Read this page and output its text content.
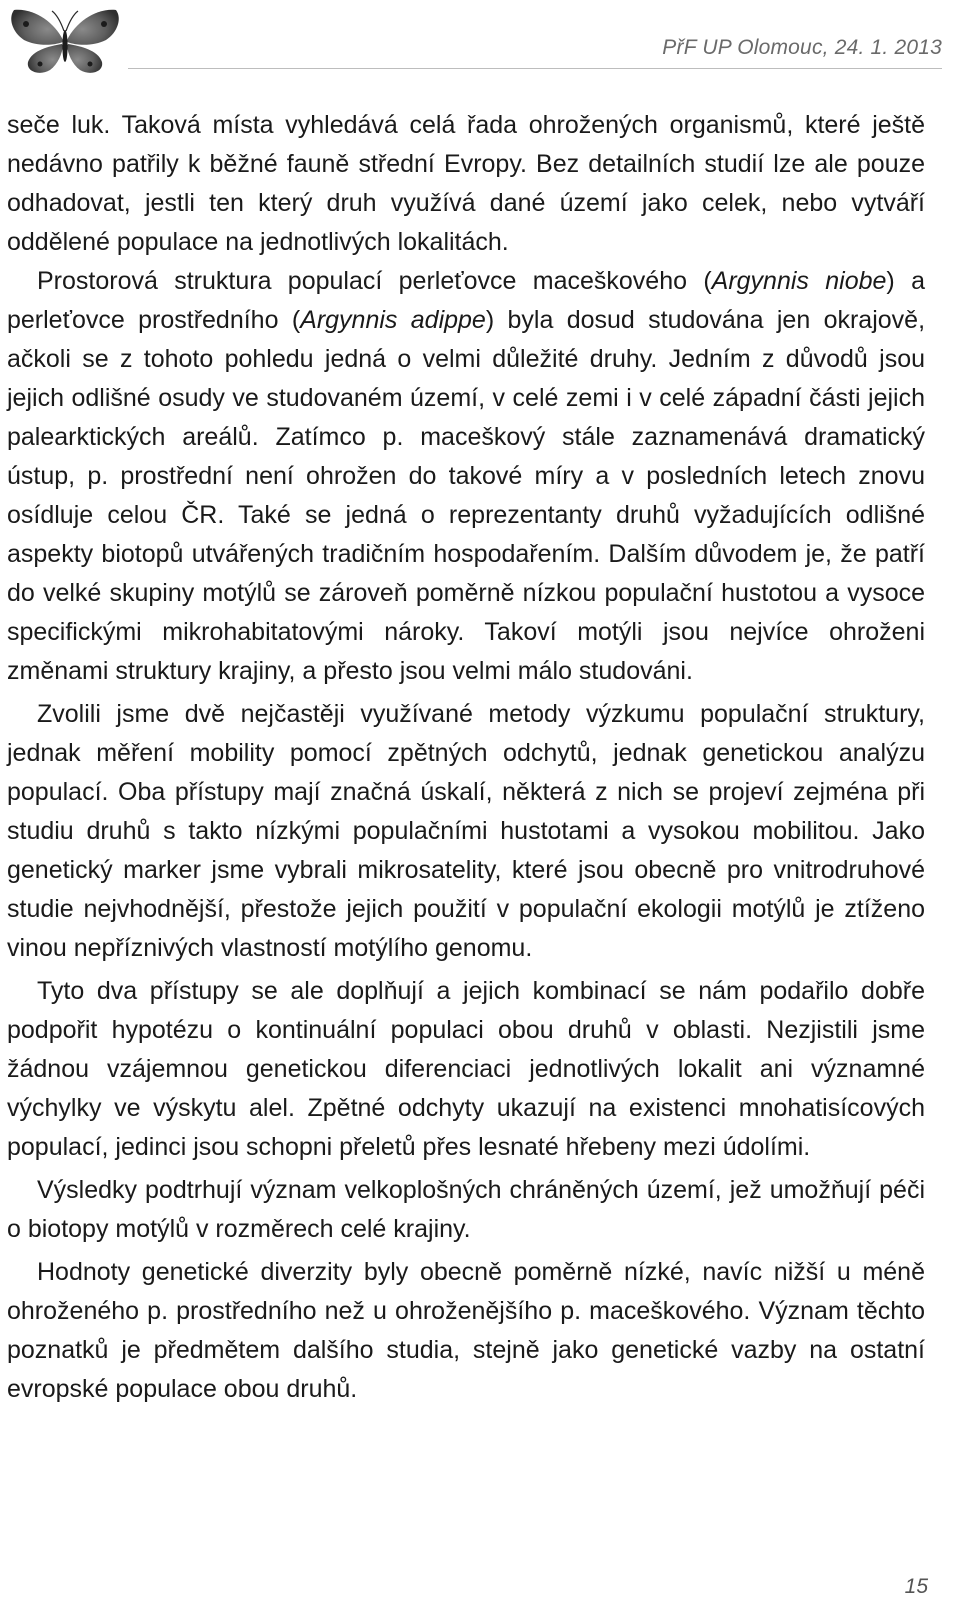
PřF UP Olomouc, 24. 1. 2013

seče luk. Taková místa vyhledává celá řada ohrožených organismů, které ještě nedávno patřily k běžné fauně střední Evropy. Bez detailních studií lze ale pouze odhadovat, jestli ten který druh využívá dané území jako celek, nebo vytváří oddělené populace na jednotlivých lokalitách.

Prostorová struktura populací perleťovce maceškového (Argynnis niobe) a perleťovce prostředního (Argynnis adippe) byla dosud studována jen okrajově, ačkoli se z tohoto pohledu jedná o velmi důležité druhy. Jedním z důvodů jsou jejich odlišné osudy ve studovaném území, v celé zemi i v celé západní části jejich palearktických areálů. Zatímco p. maceškový stále zaznamenává dramatický ústup, p. prostřední není ohrožen do takové míry a v posledních letech znovu osídluje celou ČR. Také se jedná o reprezentanty druhů vyžadujících odlišné aspekty biotopů utvářených tradičním hospodařením. Dalším důvodem je, že patří do velké skupiny motýlů se zároveň poměrně nízkou populační hustotou a vysoce specifickými mikrohabitatovými nároky. Takoví motýli jsou nejvíce ohroženi změnami struktury krajiny, a přesto jsou velmi málo studováni.

Zvolili jsme dvě nejčastěji využívané metody výzkumu populační struktury, jednak měření mobility pomocí zpětných odchytů, jednak genetickou analýzu populací. Oba přístupy mají značná úskalí, některá z nich se projeví zejména při studiu druhů s takto nízkými populačními hustotami a vysokou mobilitou. Jako genetický marker jsme vybrali mikrosatelity, které jsou obecně pro vnitrodruhové studie nejvhodnější, přestože jejich použití v populační ekologii motýlů je ztíženo vinou nepříznivých vlastností motýlího genomu.

Tyto dva přístupy se ale doplňují a jejich kombinací se nám podařilo dobře podpořit hypotézu o kontinuální populaci obou druhů v oblasti. Nezjistili jsme žádnou vzájemnou genetickou diferenciaci jednotlivých lokalit ani významné výchylky ve výskytu alel. Zpětné odchyty ukazují na existenci mnohatisícových populací, jedinci jsou schopni přeletů přes lesnaté hřebeny mezi údolími.

Výsledky podtrhují význam velkoplošných chráněných území, jež umožňují péči o biotopy motýlů v rozměrech celé krajiny.

Hodnoty genetické diverzity byly obecně poměrně nízké, navíc nižší u méně ohroženého p. prostředního než u ohroženějšího p. maceškového. Význam těchto poznatků je předmětem dalšího studia, stejně jako genetické vazby na ostatní evropské populace obou druhů.

15
